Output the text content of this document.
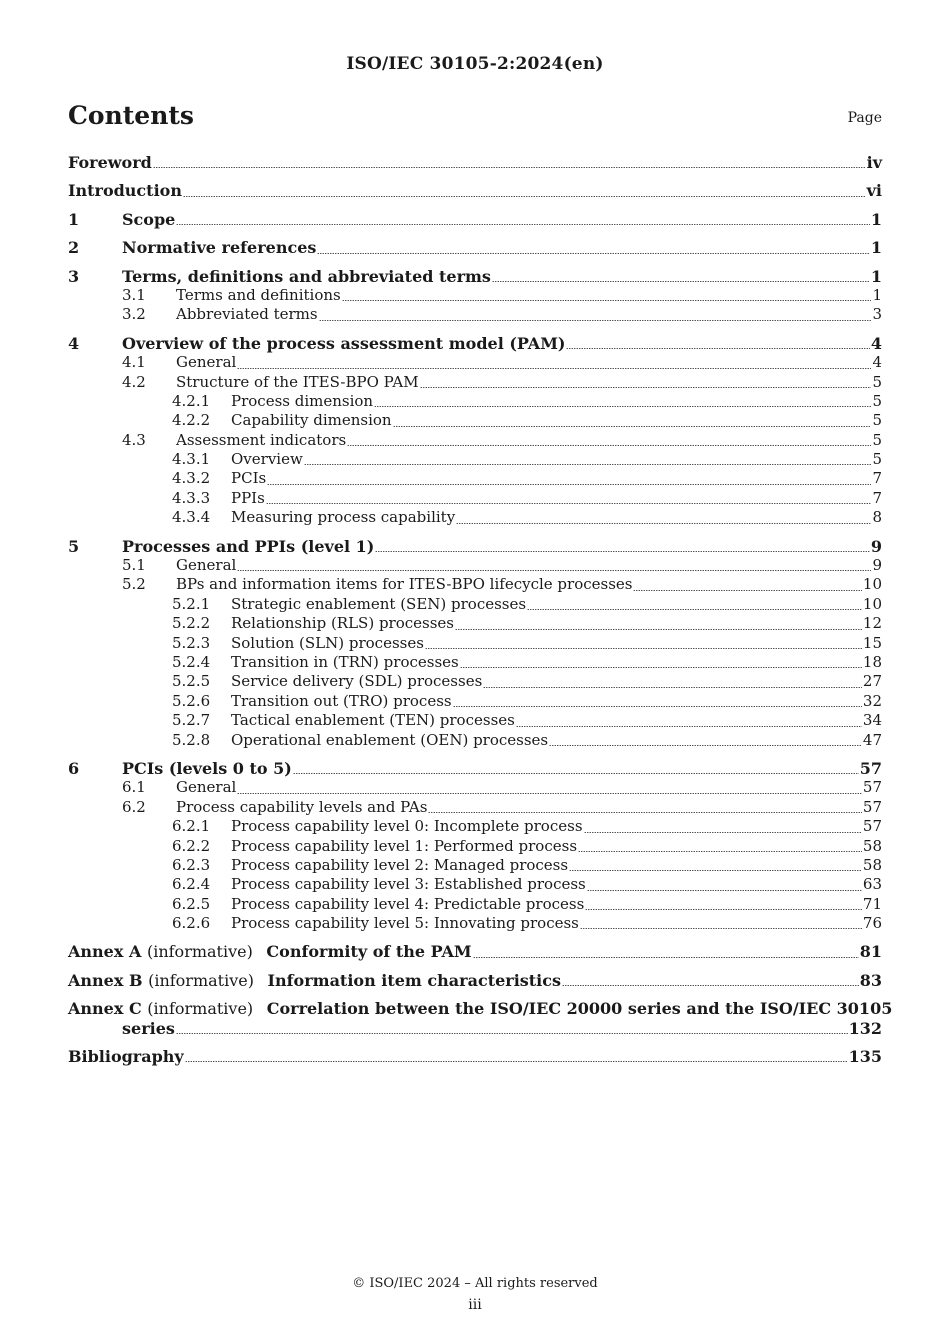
ISO/IEC 30105-2:2024(en)
Contents	Page
Foreword	iv
Introduction	vi
1	Scope	1
2	Normative references	1
3	Terms, definitions and abbreviated terms	1
3.1	Terms and definitions	1
3.2	Abbreviated terms	3
4	Overview of the process assessment model (PAM)	4
4.1	General	4
4.2	Structure of the ITES-BPO PAM	5
4.2.1	Process dimension	5
4.2.2	Capability dimension	5
4.3	Assessment indicators	5
4.3.1	Overview	5
4.3.2	PCIs	7
4.3.3	PPIs	7
4.3.4	Measuring process capability	8
5	Processes and PPIs (level 1)	9
5.1	General	9
5.2	BPs and information items for ITES-BPO lifecycle processes	10
5.2.1	Strategic enablement (SEN) processes	10
5.2.2	Relationship (RLS) processes	12
5.2.3	Solution (SLN) processes	15
5.2.4	Transition in (TRN) processes	18
5.2.5	Service delivery (SDL) processes	27
5.2.6	Transition out (TRO) process	32
5.2.7	Tactical enablement (TEN) processes	34
5.2.8	Operational enablement (OEN) processes	47
6	PCIs (levels 0 to 5)	57
6.1	General	57
6.2	Process capability levels and PAs	57
6.2.1	Process capability level 0: Incomplete process	57
6.2.2	Process capability level 1: Performed process	58
6.2.3	Process capability level 2: Managed process	58
6.2.4	Process capability level 3: Established process	63
6.2.5	Process capability level 4: Predictable process	71
6.2.6	Process capability level 5: Innovating process	76
Annex A (informative) Conformity of the PAM	81
Annex B (informative) Information item characteristics	83
Annex C (informative) Correlation between the ISO/IEC 20000 series and the ISO/IEC 30105
series	132
Bibliography	135
© ISO/IEC 2024 – All rights reserved
iii
